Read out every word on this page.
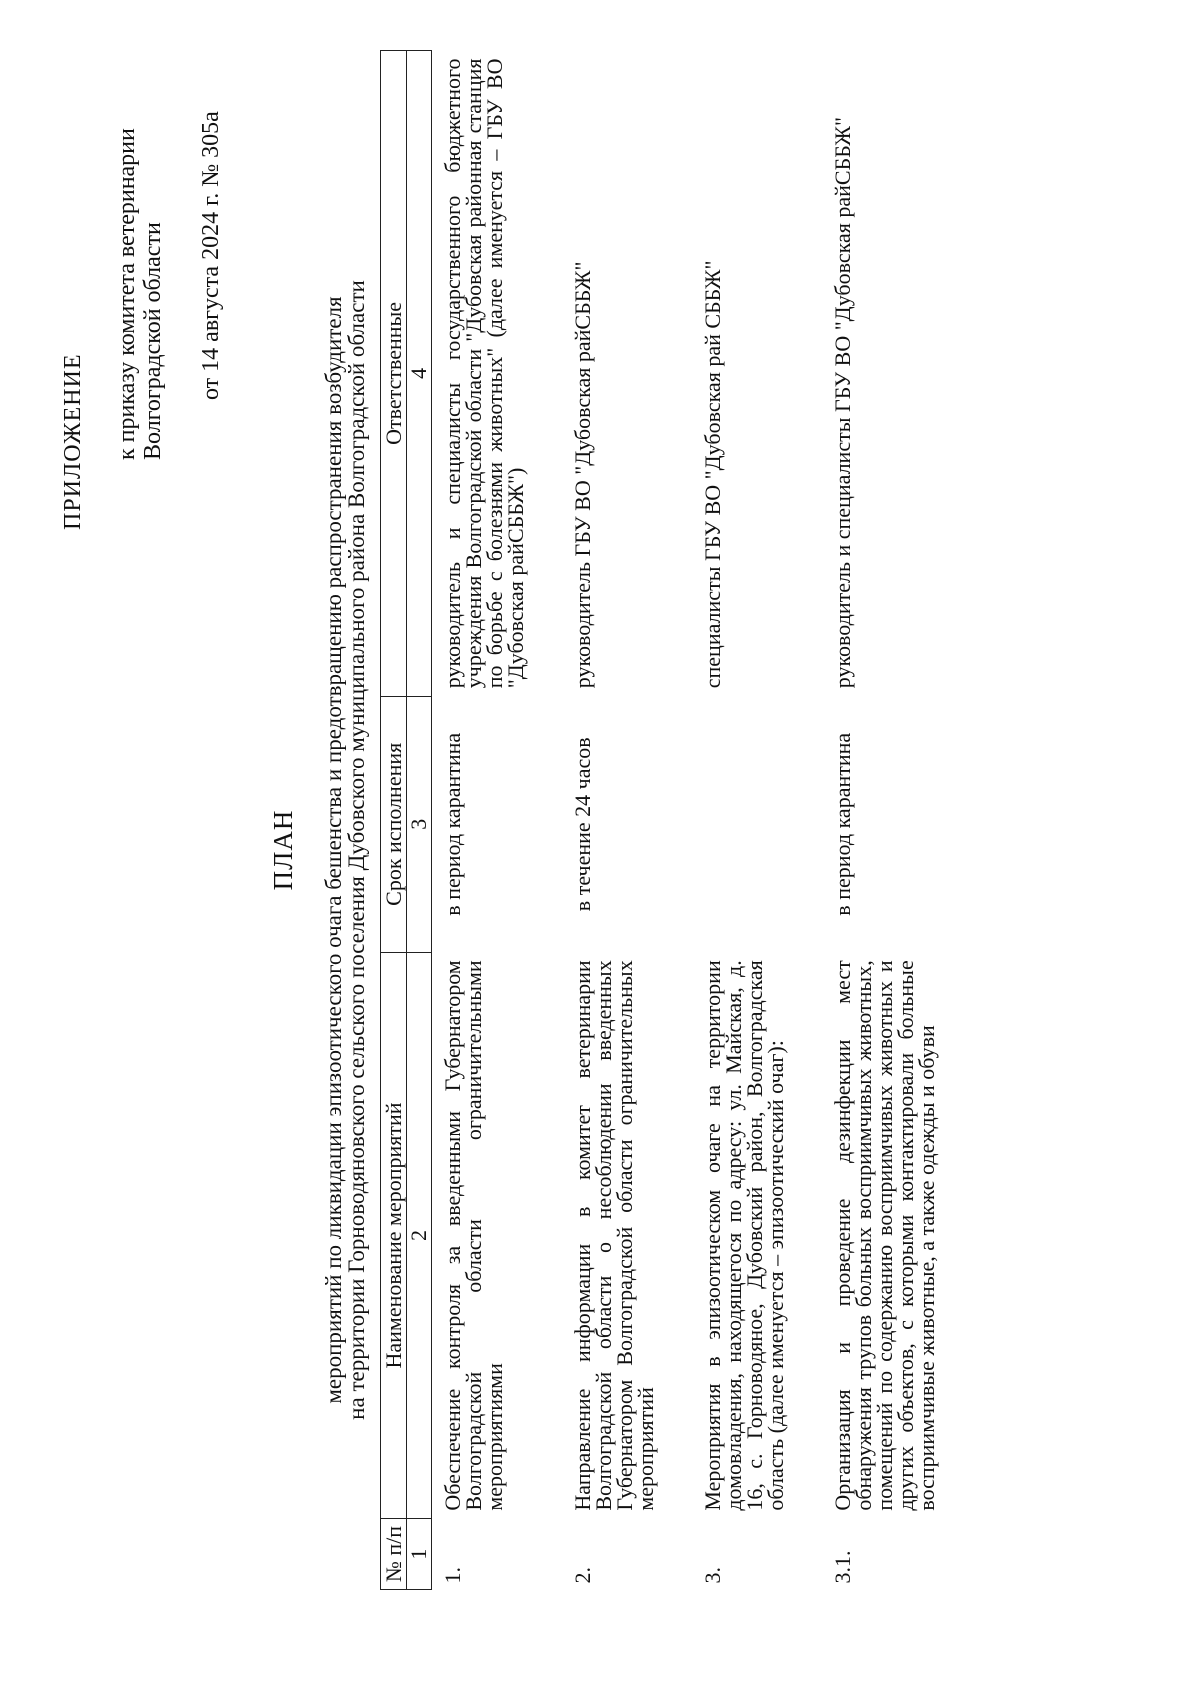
ПРИЛОЖЕНИЕ к приказу комитета ветеринарии Волгоградской области от 14 августа 2024 г. № 305а
ПЛАН мероприятий по ликвидации эпизоотического очага бешенства и предотвращению распространения возбудителя
на территории Горноводяновского сельского поселения Дубовского муниципального района Волгоградской области
№ п/п	Наименование мероприятий	Срок исполнения	Ответственные
1	2	3	4
1.	Обеспечение контроля за введенными Губернатором Волгоградской области ограничительными мероприятиями	в период карантина	руководитель и специалисты государственного бюджетного учреждения Волгоградской области "Дубовская районная станция по борьбе с болезнями животных" (далее именуется – ГБУ ВО "Дубовская райСББЖ")
2.	Направление информации в комитет ветеринарии Волгоградской области о несоблюдении введенных Губернатором Волгоградской области ограничительных мероприятий	в течение 24 часов	руководитель ГБУ ВО "Дубовская райСББЖ"
3.	Мероприятия в эпизоотическом очаге на территории домовладения, находящегося по адресу: ул. Майская, д. 16, с. Горноводяное, Дубовский район, Волгоградская область (далее именуется – эпизоотический очаг):		специалисты ГБУ ВО "Дубовская рай СББЖ"
3.1.	Организация и проведение дезинфекции мест обнаружения трупов больных восприимчивых животных, помещений по содержанию восприимчивых животных и других объектов, с которыми контактировали больные восприимчивые животные, а также одежды и обуви	в период карантина	руководитель и специалисты ГБУ ВО "Дубовская райСББЖ"
